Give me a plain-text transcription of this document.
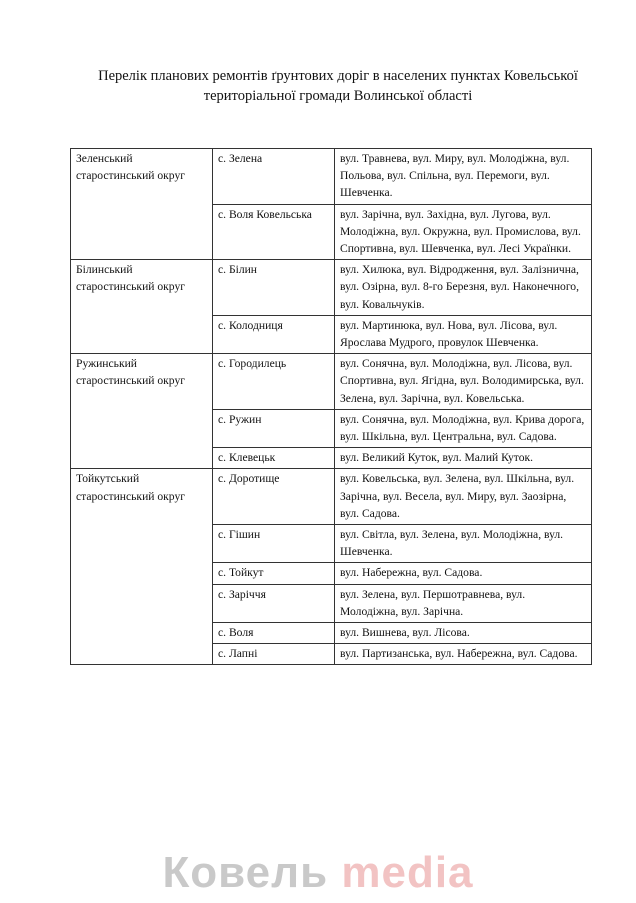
Перелік планових ремонтів ґрунтових доріг в населених пунктах Ковельської
територіальної громади Волинської області
Зеленський старостинський округ	с. Зелена	вул. Травнева, вул. Миру, вул. Молодіжна, вул. Польова, вул. Спільна, вул. Перемоги, вул. Шевченка.
	с. Воля Ковельська	вул. Зарічна, вул. Західна, вул. Лугова, вул. Молодіжна, вул. Окружна, вул. Промислова, вул. Спортивна, вул. Шевченка, вул. Лесі Українки.
Білинський старостинський округ	с. Білин	вул. Хилюка, вул. Відродження, вул. Залізнична, вул. Озірна, вул. 8-го Березня, вул. Наконечного, вул. Ковальчуків.
	с. Колодниця	вул. Мартинюка, вул. Нова, вул. Лісова, вул. Ярослава Мудрого, провулок Шевченка.
Ружинський старостинський округ	с. Городилець	вул. Сонячна, вул. Молодіжна, вул. Лісова, вул. Спортивна, вул. Ягідна, вул. Володимирська, вул. Зелена, вул. Зарічна, вул. Ковельська.
	с. Ружин	вул. Сонячна, вул. Молодіжна, вул. Крива дорога, вул. Шкільна, вул. Центральна, вул. Садова.
	с. Клевецьк	вул. Великий Куток, вул. Малий Куток.
Тойкутський старостинський округ	с. Доротище	вул. Ковельська, вул. Зелена, вул. Шкільна, вул. Зарічна, вул. Весела, вул. Миру, вул. Заозірна, вул. Садова.
	с. Гішин	вул. Світла, вул. Зелена, вул. Молодіжна, вул. Шевченка.
	с. Тойкут	вул. Набережна, вул. Садова.
	с. Заріччя	вул. Зелена, вул. Першотравнева, вул. Молодіжна, вул. Зарічна.
	с. Воля	вул. Вишнева, вул. Лісова.
	с. Лапні	вул. Партизанська, вул. Набережна, вул. Садова.
Ковель media
